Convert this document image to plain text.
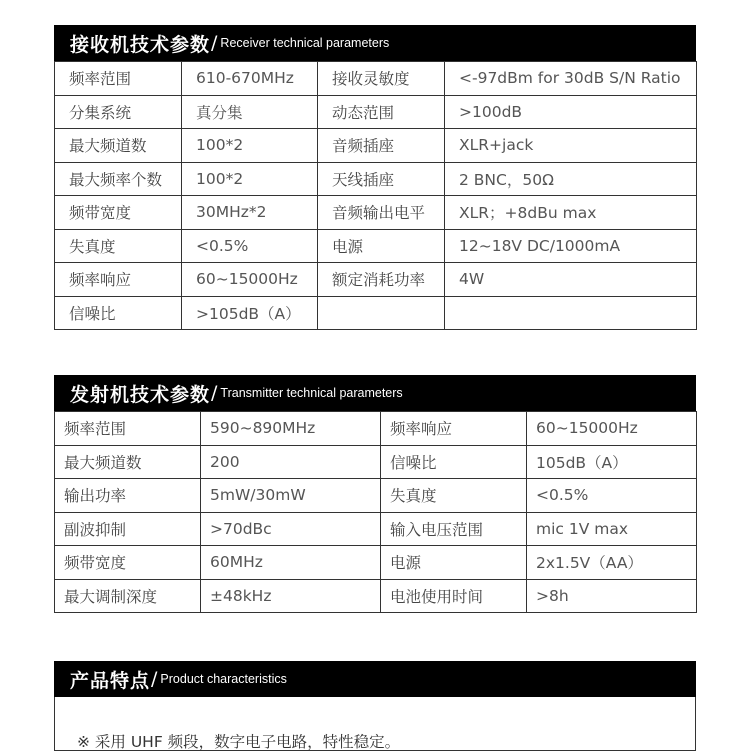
接收机技术参数 / Receiver technical parameters
频率范围	610-670MHz	接收灵敏度	<-97dBm for 30dB S/N Ratio
分集系统	真分集	动态范围	>100dB
最大频道数	100*2	音频插座	XLR+jack
最大频率个数	100*2	天线插座	2 BNC，50Ω
频带宽度	30MHz*2	音频输出电平	XLR；+8dBu max
失真度	<0.5%	电源	12~18V DC/1000mA
频率响应	60~15000Hz	额定消耗功率	4W
信噪比	>105dB（A）		
发射机技术参数 / Transmitter technical parameters
频率范围	590~890MHz	频率响应	60~15000Hz
最大频道数	200	信噪比	105dB（A）
输出功率	5mW/30mW	失真度	<0.5%
副波抑制	>70dBc	输入电压范围	mic 1V max
频带宽度	60MHz	电源	2x1.5V（AA）
最大调制深度	±48kHz	电池使用时间	>8h
产品特点 / Product characteristics
※ 采用 UHF 频段，数字电子电路，特性稳定。
